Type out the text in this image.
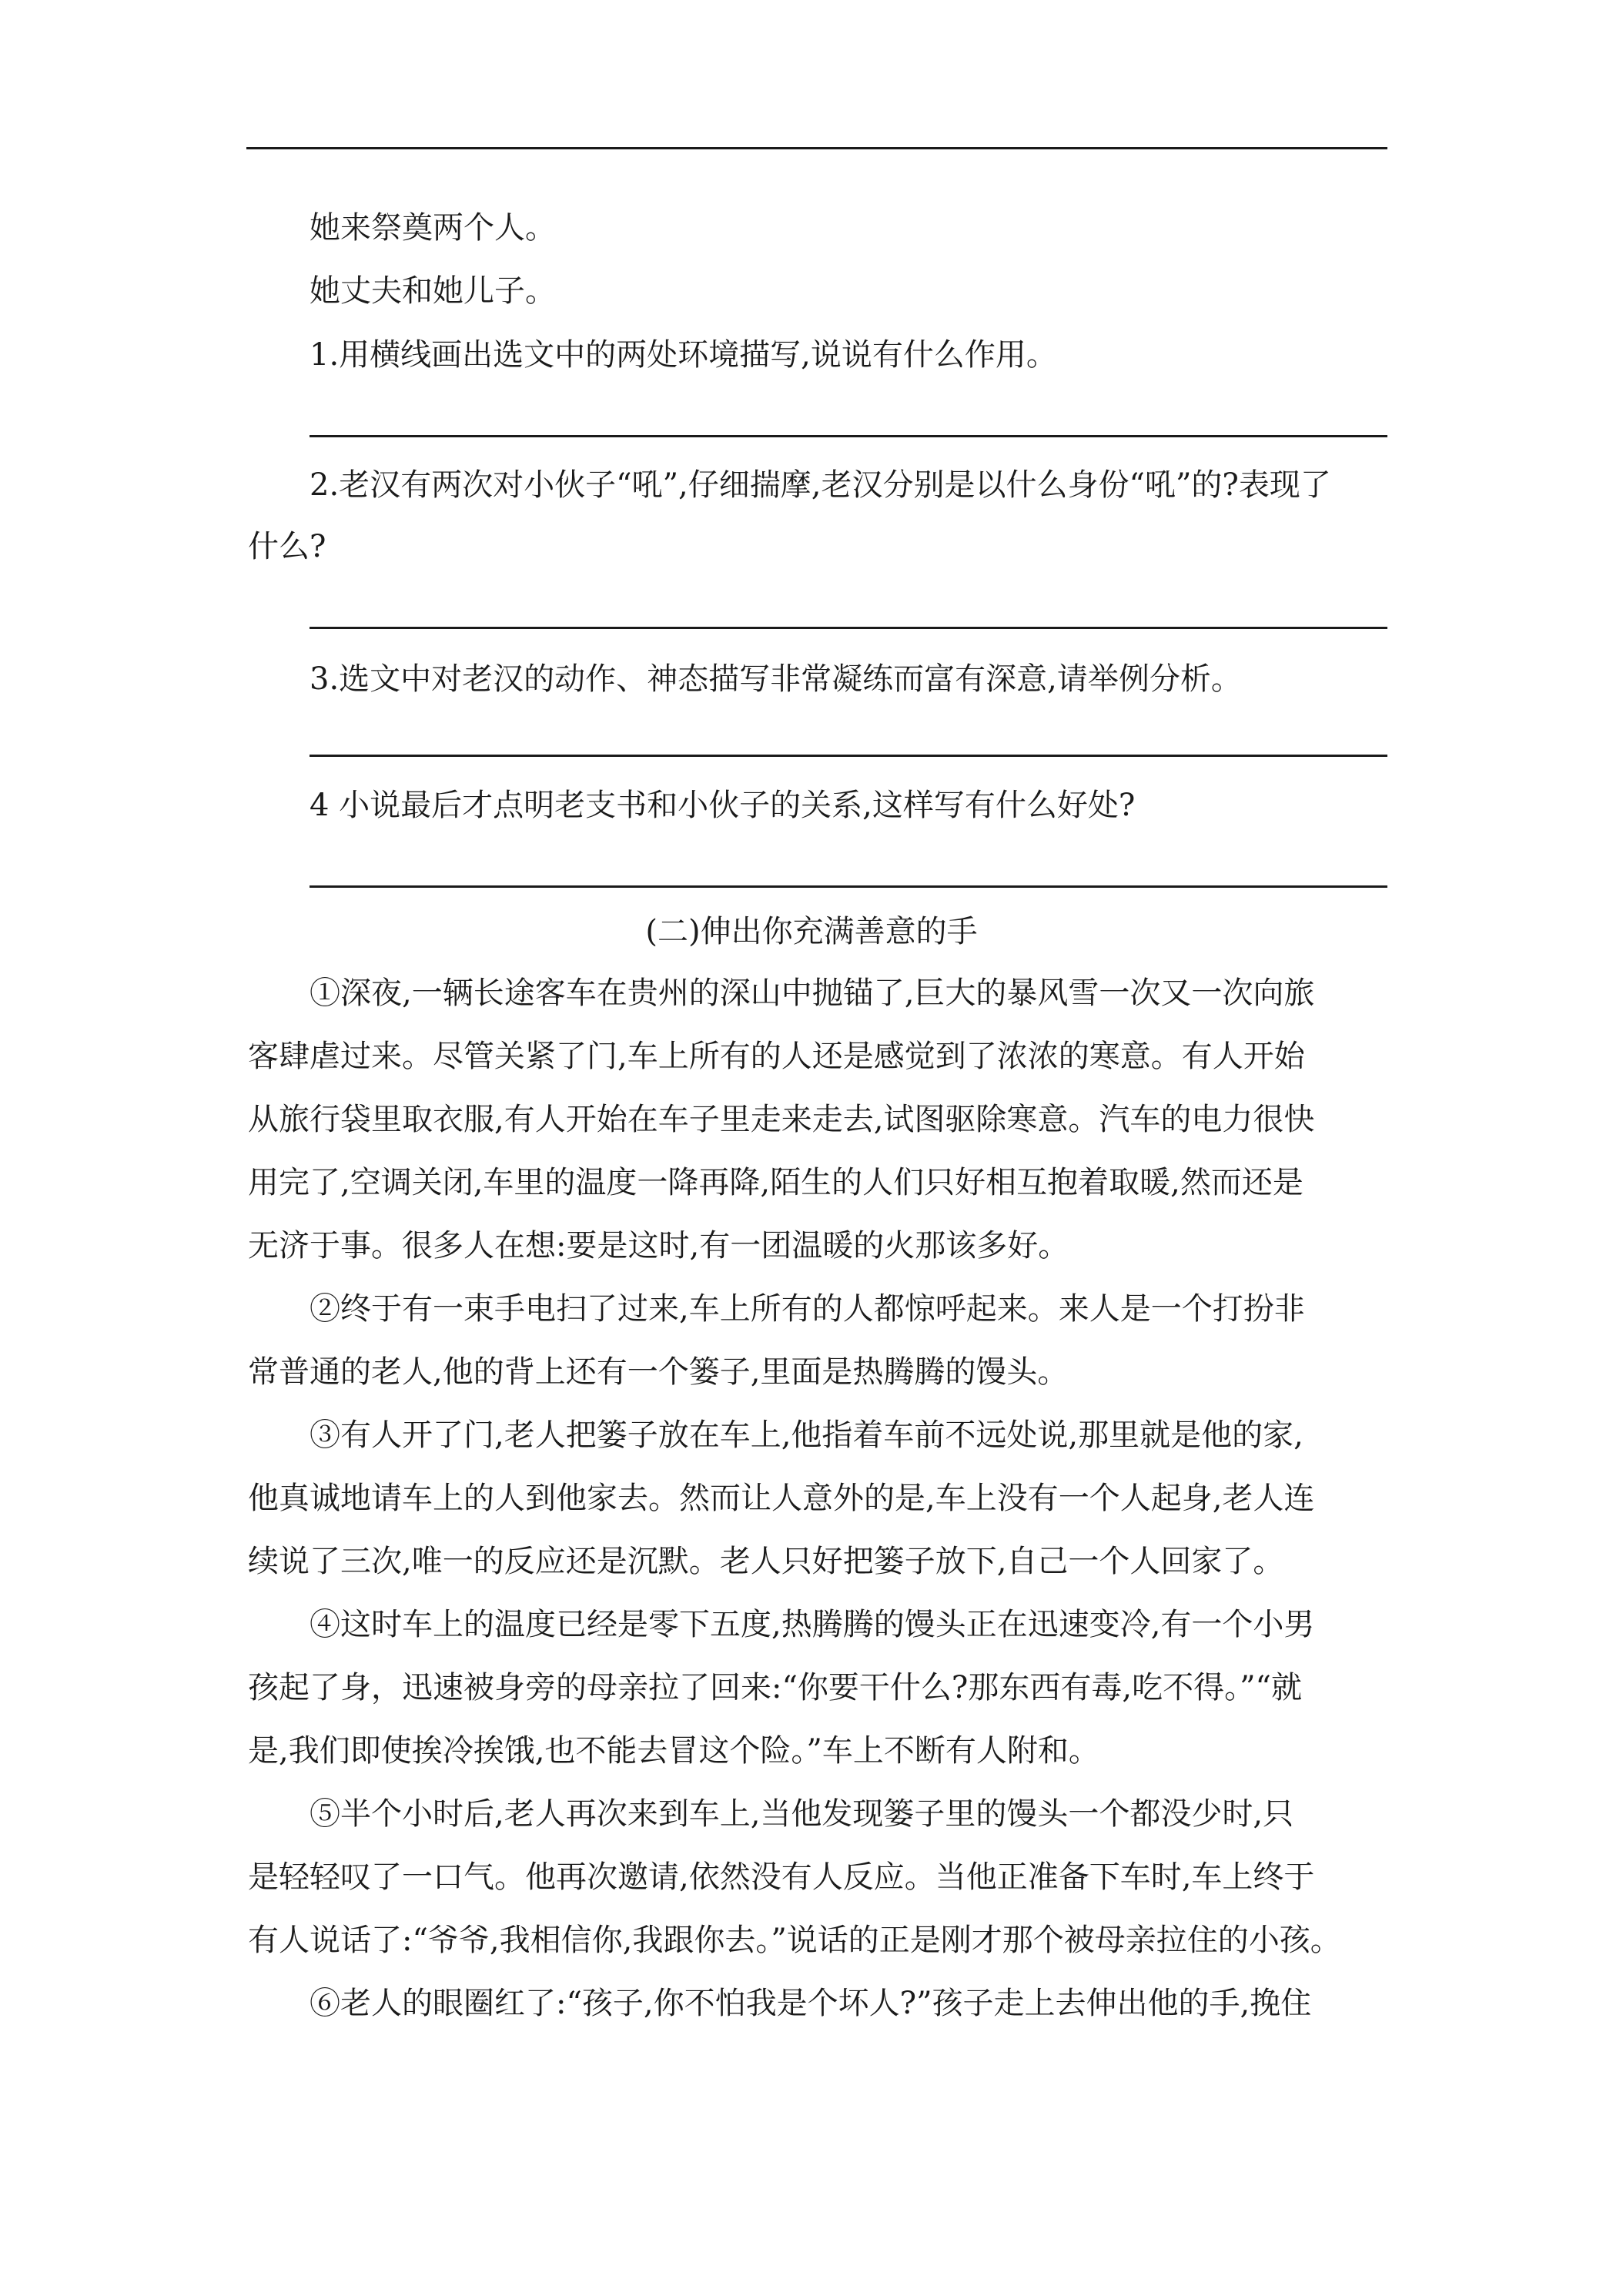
她来祭奠两个人。
她丈夫和她儿子。
1.用横线画出选文中的两处环境描写,说说有什么作用。
2.老汉有两次对小伙子“吼”,仔细揣摩,老汉分别是以什么身份“吼”的?表现了
什么?
3.选文中对老汉的动作、神态描写非常凝练而富有深意,请举例分析。
4 小说最后才点明老支书和小伙子的关系,这样写有什么好处?
(二)伸出你充满善意的手
①深夜,一辆长途客车在贵州的深山中抛锚了,巨大的暴风雪一次又一次向旅
客肆虐过来。尽管关紧了门,车上所有的人还是感觉到了浓浓的寒意。有人开始
从旅行袋里取衣服,有人开始在车子里走来走去,试图驱除寒意。汽车的电力很快
用完了,空调关闭,车里的温度一降再降,陌生的人们只好相互抱着取暖,然而还是
无济于事。很多人在想:要是这时,有一团温暖的火那该多好。
②终于有一束手电扫了过来,车上所有的人都惊呼起来。来人是一个打扮非
常普通的老人,他的背上还有一个篓子,里面是热腾腾的馒头。
③有人开了门,老人把篓子放在车上,他指着车前不远处说,那里就是他的家,
他真诚地请车上的人到他家去。然而让人意外的是,车上没有一个人起身,老人连
续说了三次,唯一的反应还是沉默。老人只好把篓子放下,自己一个人回家了。
④这时车上的温度已经是零下五度,热腾腾的馒头正在迅速变冷,有一个小男
孩起了身，迅速被身旁的母亲拉了回来:“你要干什么?那东西有毒,吃不得。”“就
是,我们即使挨冷挨饿,也不能去冒这个险。”车上不断有人附和。
⑤半个小时后,老人再次来到车上,当他发现篓子里的馒头一个都没少时,只
是轻轻叹了一口气。他再次邀请,依然没有人反应。当他正准备下车时,车上终于
有人说话了:“爷爷,我相信你,我跟你去。”说话的正是刚才那个被母亲拉住的小孩。
⑥老人的眼圈红了:“孩子,你不怕我是个坏人?”孩子走上去伸出他的手,挽住
